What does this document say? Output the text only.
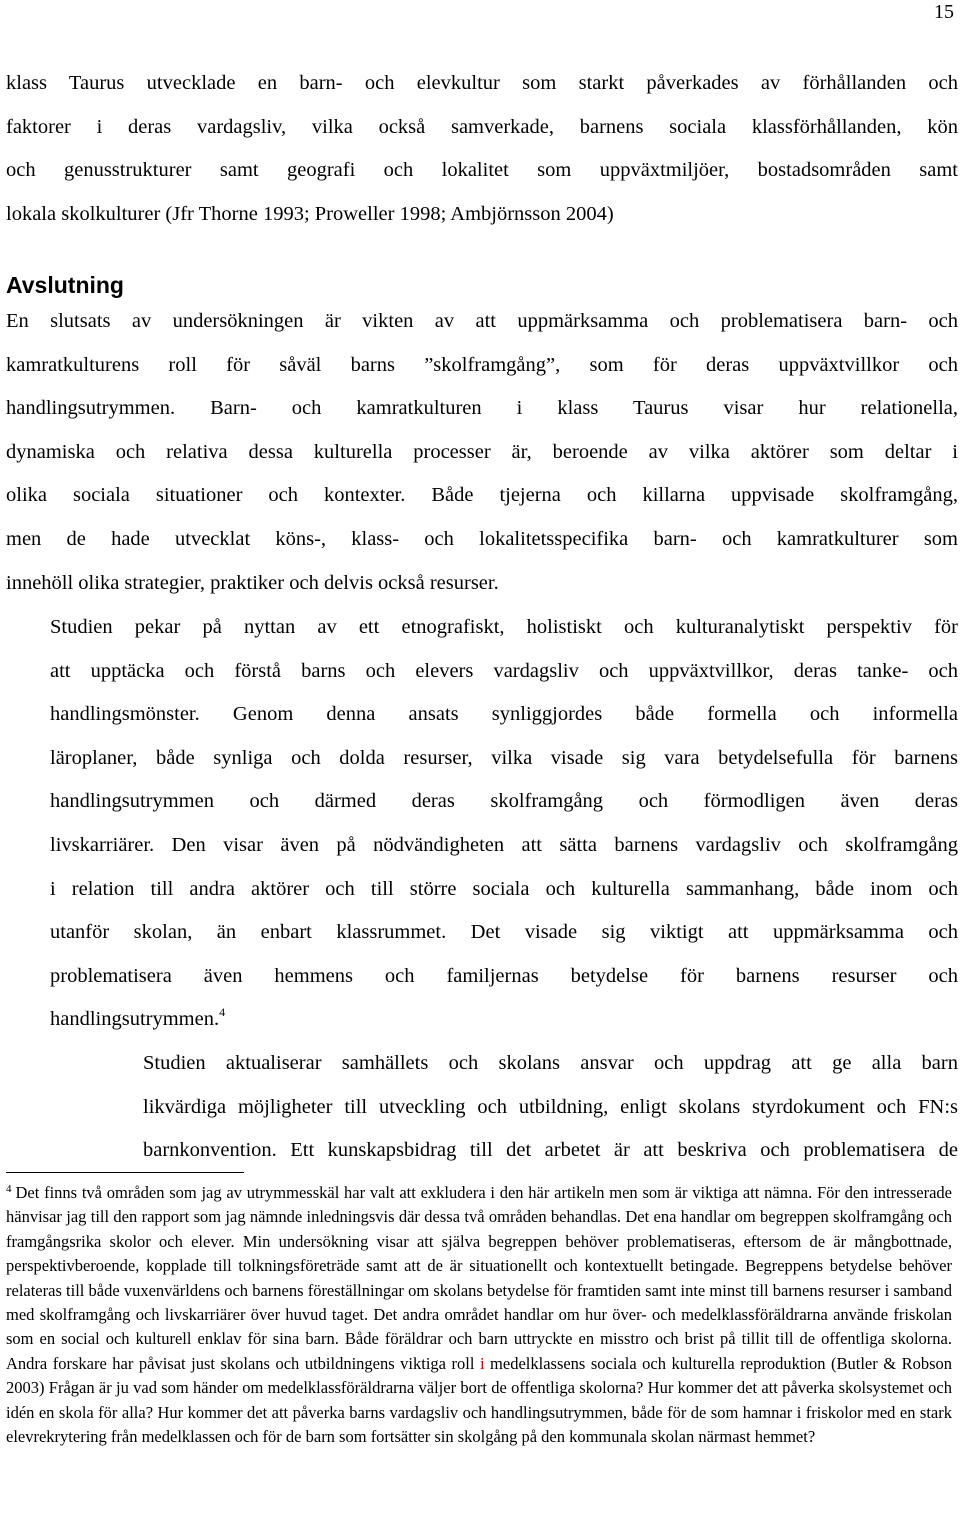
15

klass Taurus utvecklade en barn- och elevkultur som starkt påverkades av förhållanden och
faktorer i deras vardagsliv, vilka också samverkade, barnens sociala klassförhållanden, kön
och genusstrukturer samt geografi och lokalitet som uppväxtmiljöer, bostadsområden samt
lokala skolkulturer (Jfr Thorne 1993; Proweller 1998; Ambjörnsson 2004)

Avslutning

En slutsats av undersökningen är vikten av att uppmärksamma och problematisera barn- och
kamratkulturens roll för såväl barns ”skolframgång”, som för deras uppväxtvillkor och
handlingsutrymmen. Barn- och kamratkulturen i klass Taurus visar hur relationella,
dynamiska och relativa dessa kulturella processer är, beroende av vilka aktörer som deltar i
olika sociala situationer och kontexter. Både tjejerna och killarna uppvisade skolframgång,
men de hade utvecklat köns-, klass- och lokalitetsspecifika barn- och kamratkulturer som
innehöll olika strategier, praktiker och delvis också resurser.

Studien pekar på nyttan av ett etnografiskt, holistiskt och kulturanalytiskt perspektiv för
att upptäcka och förstå barns och elevers vardagsliv och uppväxtvillkor, deras tanke- och
handlingsmönster. Genom denna ansats synliggjordes både formella och informella
läroplaner, både synliga och dolda resurser, vilka visade sig vara betydelsefulla för barnens
handlingsutrymmen och därmed deras skolframgång och förmodligen även deras
livskarriärer. Den visar även på nödvändigheten att sätta barnens vardagsliv och skolframgång
i relation till andra aktörer och till större sociala och kulturella sammanhang, både inom och
utanför skolan, än enbart klassrummet. Det visade sig viktigt att uppmärksamma och
problematisera även hemmens och familjernas betydelse för barnens resurser och
handlingsutrymmen.$^4$

Studien aktualiserar samhällets och skolans ansvar och uppdrag att ge alla barn
likvärdiga möjligheter till utveckling och utbildning, enligt skolans styrdokument och FN:s
barnkonvention. Ett kunskapsbidrag till det arbetet är att beskriva och problematisera de

$^4$ Det finns två områden som jag av utrymmesskäl har valt att exkludera i den här artikeln men som är viktiga att nämna. För den intresserade hänvisar jag till den rapport som jag nämnde inledningsvis där dessa två områden behandlas. Det ena handlar om begreppen skolframgång och framgångsrika skolor och elever. Min undersökning visar att själva begreppen behöver problematiseras, eftersom de är mångbottnade, perspektivberoende, kopplade till tolkningsföreträde samt att de är situationellt och kontextuellt betingade. Begreppens betydelse behöver relateras till både vuxenvärldens och barnens föreställningar om skolans betydelse för framtiden samt inte minst till barnens resurser i samband med skolframgång och livskarriärer över huvud taget. Det andra området handlar om hur över- och medelklassföräldrarna använde friskolan som en social och kulturell enklav för sina barn. Både föräldrar och barn uttryckte en misstro och brist på tillit till de offentliga skolorna. Andra forskare har påvisat just skolans och utbildningens viktiga roll i medelklassens sociala och kulturella reproduktion (Butler & Robson 2003) Frågan är ju vad som händer om medelklassföräldrarna väljer bort de offentliga skolorna? Hur kommer det att påverka skolsystemet och idén en skola för alla? Hur kommer det att påverka barns vardagsliv och handlingsutrymmen, både för de som hamnar i friskolor med en stark elevrekrytering från medelklassen och för de barn som fortsätter sin skolgång på den kommunala skolan närmast hemmet?
